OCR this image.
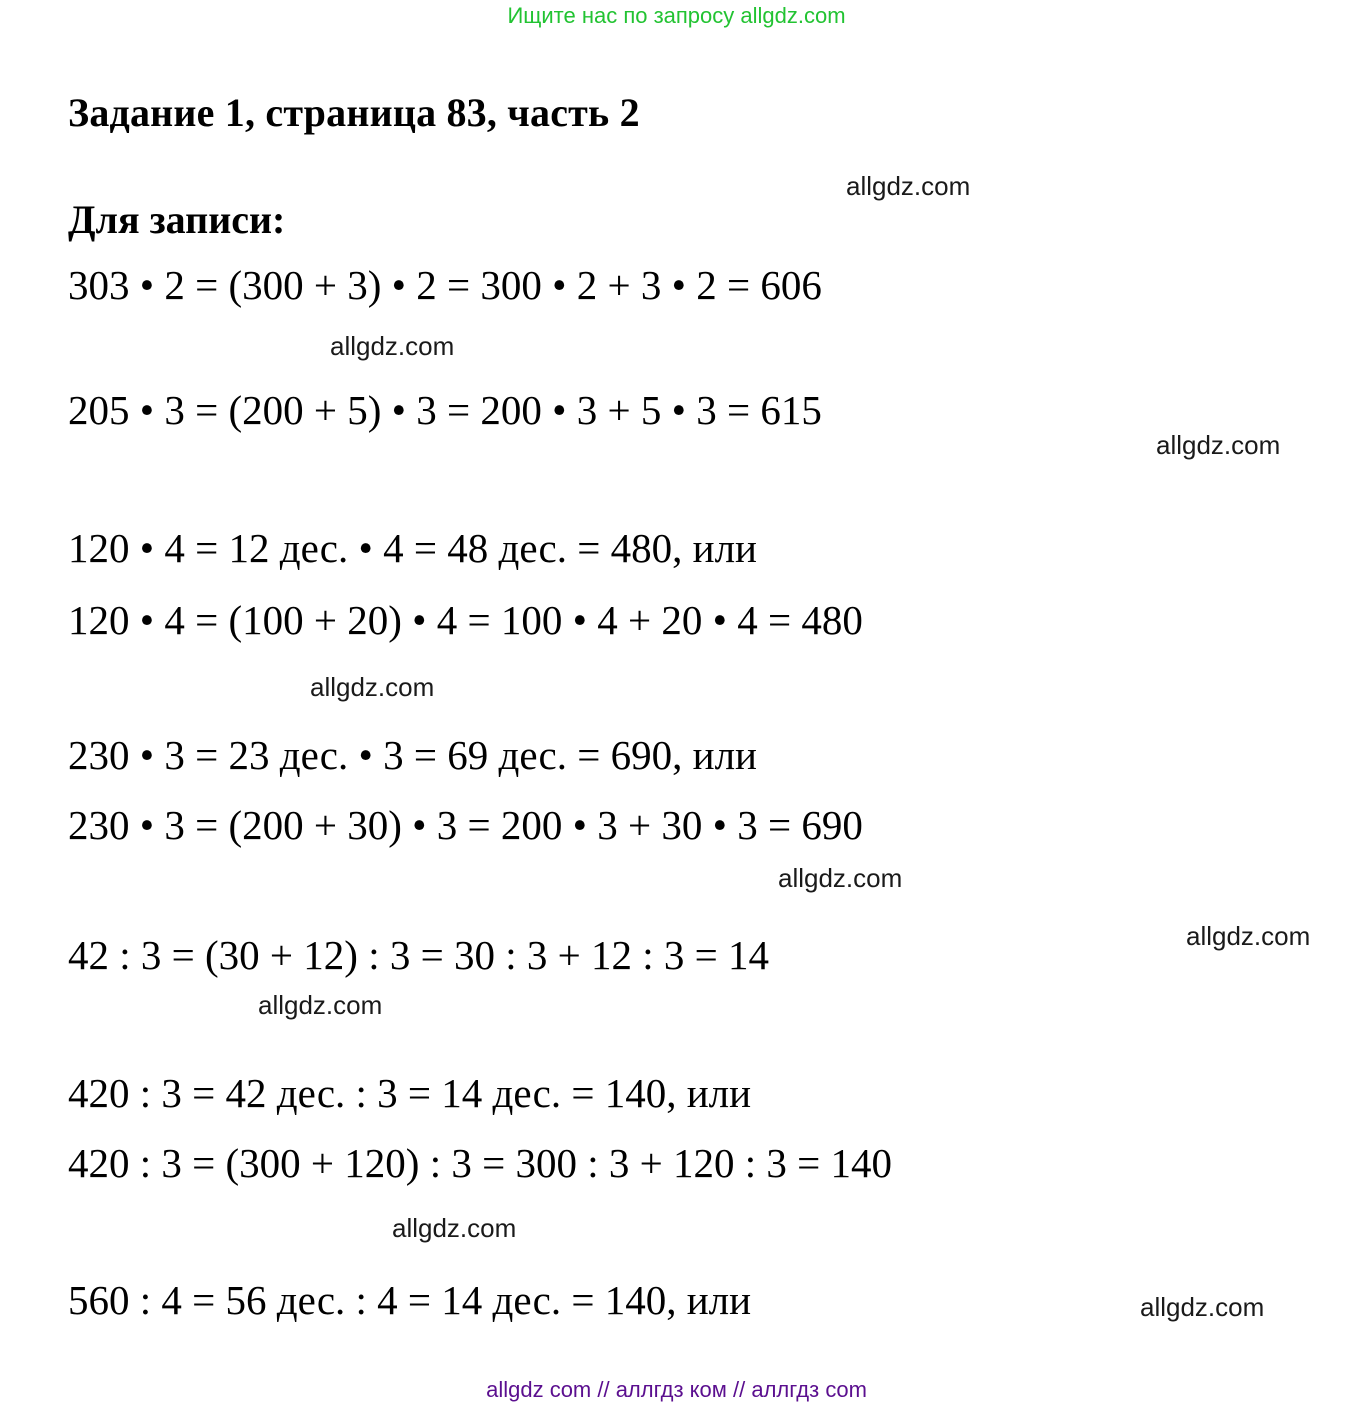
Ищите нас по запросу allgdz.com
Задание 1, страница 83, часть 2
Для записи:
303 • 2 = (300 + 3) • 2 = 300 • 2 + 3 • 2 = 606
205 • 3 = (200 + 5) • 3 = 200 • 3 + 5 • 3 = 615
120 • 4 = 12 дес. • 4 = 48 дес. = 480, или
120 • 4 = (100 + 20) • 4 = 100 • 4 + 20 • 4 = 480
230 • 3 = 23 дес. • 3 = 69 дес. = 690, или
230 • 3 = (200 + 30) • 3 = 200 • 3 + 30 • 3 = 690
42 : 3 = (30 + 12) : 3 = 30 : 3 + 12 : 3 = 14
420 : 3 = 42 дес. : 3 = 14 дес. = 140, или
420 : 3 = (300 + 120) : 3 = 300 : 3 + 120 : 3 = 140
560 : 4 = 56 дес. : 4 = 14 дес. = 140, или
allgdz.com
allgdz.com
allgdz.com
allgdz.com
allgdz.com
allgdz.com
allgdz.com
allgdz.com
allgdz.com
allgdz com // аллгдз ком // аллгдз com
